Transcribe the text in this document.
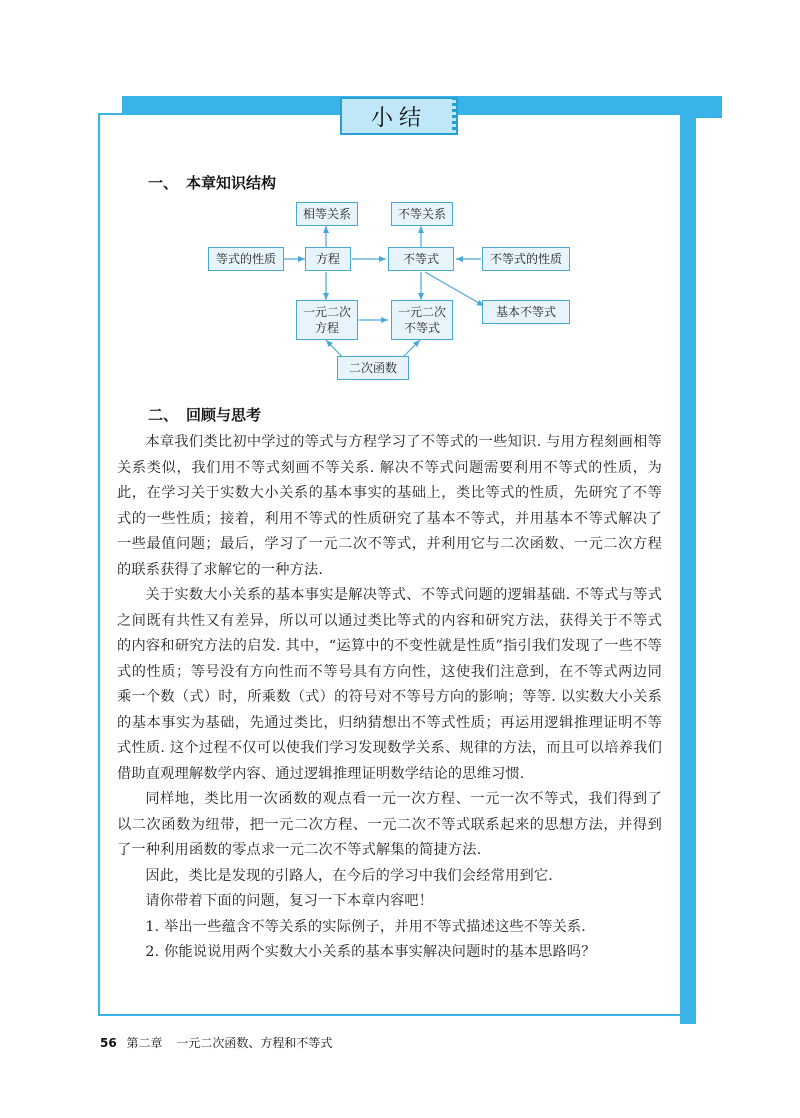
小结
一、 本章知识结构
相等关系	不等关系
等式的性质	方程	不等式	不等式的性质
一元二次
方程
一元二次
不等式
基本不等式
二次函数
二、 回顾与思考

本章我们类比初中学过的等式与方程学习了不等式的一些知识. 与用方程刻画相等关系类似，我们用不等式刻画不等关系. 解决不等式问题需要利用不等式的性质，为此，在学习关于实数大小关系的基本事实的基础上，类比等式的性质，先研究了不等式的一些性质；接着，利用不等式的性质研究了基本不等式，并用基本不等式解决了一些最值问题；最后，学习了一元二次不等式，并利用它与二次函数、一元二次方程的联系获得了求解它的一种方法.

关于实数大小关系的基本事实是解决等式、不等式问题的逻辑基础. 不等式与等式之间既有共性又有差异，所以可以通过类比等式的内容和研究方法，获得关于不等式的内容和研究方法的启发. 其中，“运算中的不变性就是性质”指引我们发现了一些不等式的性质；等号没有方向性而不等号具有方向性，这使我们注意到，在不等式两边同乘一个数（式）时，所乘数（式）的符号对不等号方向的影响；等等. 以实数大小关系的基本事实为基础，先通过类比，归纳猜想出不等式性质；再运用逻辑推理证明不等式性质. 这个过程不仅可以使我们学习发现数学关系、规律的方法，而且可以培养我们借助直观理解数学内容、通过逻辑推理证明数学结论的思维习惯.

同样地，类比用一次函数的观点看一元一次方程、一元一次不等式，我们得到了以二次函数为纽带，把一元二次方程、一元二次不等式联系起来的思想方法，并得到了一种利用函数的零点求一元二次不等式解集的简捷方法.

因此，类比是发现的引路人，在今后的学习中我们会经常用到它.

请你带着下面的问题，复习一下本章内容吧！

1. 举出一些蕴含不等关系的实际例子，并用不等式描述这些不等关系.

2. 你能说说用两个实数大小关系的基本事实解决问题时的基本思路吗？

56 第二章 一元二次函数、方程和不等式
